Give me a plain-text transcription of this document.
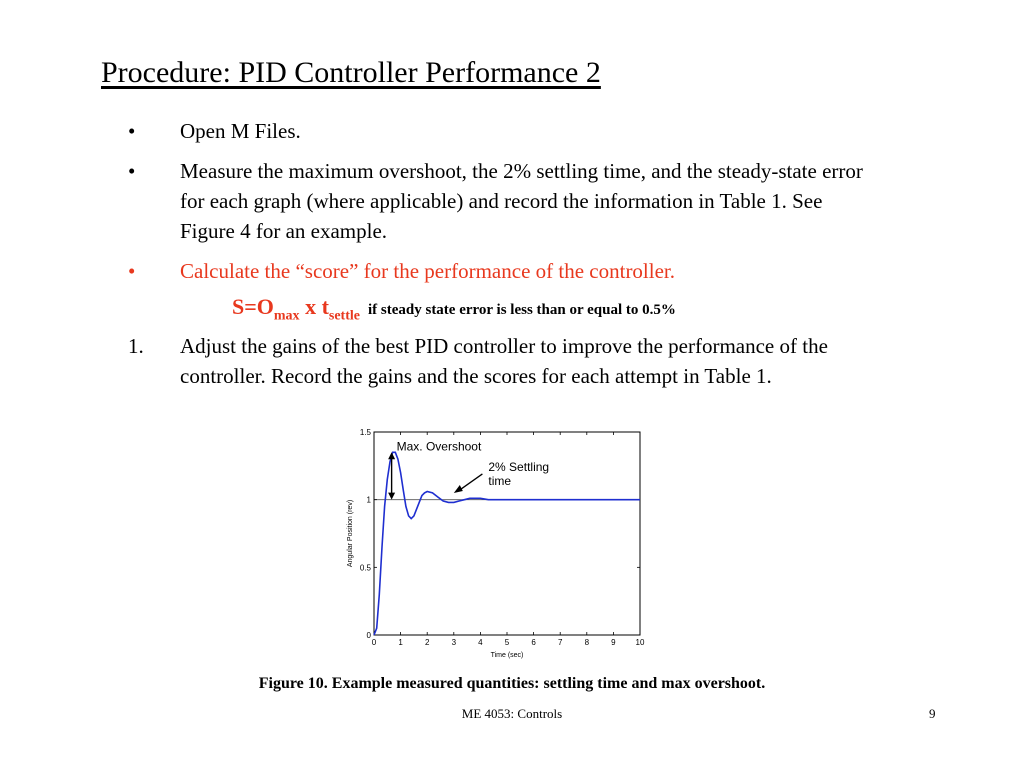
Procedure: PID Controller Performance 2
• Open M Files.
• Measure the maximum overshoot, the 2% settling time, and the steady-state error for each graph (where applicable) and record the information in Table 1. See Figure 4 for an example.
• Calculate the “score” for the performance of the controller.
$S=O_{max}$ x $t_{settle}$ if steady state error is less than or equal to 0.5%
1. Adjust the gains of the best PID controller to improve the performance of the controller. Record the gains and the scores for each attempt in Table 1.
0	1	2	3	4	5	6	7	8	9 10
0
0.5
1
1.5
Time (sec)
Angular Position (rev)
Max. Overshoot
2% Settling
time
Figure 10. Example measured quantities: settling time and max overshoot.
ME 4053: Controls	9
